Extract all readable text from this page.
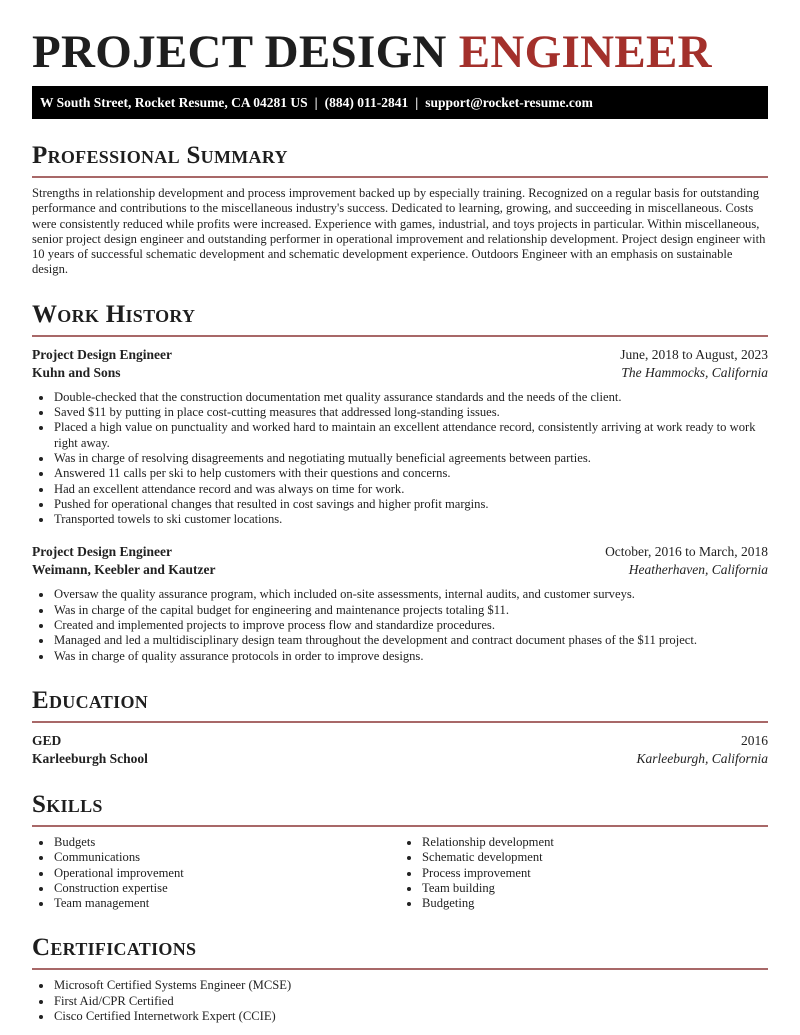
PROJECT DESIGN ENGINEER
W South Street, Rocket Resume, CA 04281 US | (884) 011-2841 | support@rocket-resume.com
Professional Summary

Strengths in relationship development and process improvement backed up by especially training. Recognized on a regular basis for outstanding performance and contributions to the miscellaneous industry's success. Dedicated to learning, growing, and succeeding in miscellaneous. Costs were consistently reduced while profits were increased. Experience with games, industrial, and toys projects in particular. Within miscellaneous, senior project design engineer and outstanding performer in operational improvement and relationship development. Project design engineer with 10 years of successful schematic development and schematic development experience. Outdoors Engineer with an emphasis on sustainable design.

Work History
Project Design Engineer	June, 2018 to August, 2023
Kuhn and Sons	The Hammocks, California
• Double-checked that the construction documentation met quality assurance standards and the needs of the client.
• Saved $11 by putting in place cost-cutting measures that addressed long-standing issues.
• Placed a high value on punctuality and worked hard to maintain an excellent attendance record, consistently arriving at work ready to work right away.
• Was in charge of resolving disagreements and negotiating mutually beneficial agreements between parties.
• Answered 11 calls per ski to help customers with their questions and concerns.
• Had an excellent attendance record and was always on time for work.
• Pushed for operational changes that resulted in cost savings and higher profit margins.
• Transported towels to ski customer locations.
Project Design Engineer	October, 2016 to March, 2018
Weimann, Keebler and Kautzer	Heatherhaven, California
• Oversaw the quality assurance program, which included on-site assessments, internal audits, and customer surveys.
• Was in charge of the capital budget for engineering and maintenance projects totaling $11.
• Created and implemented projects to improve process flow and standardize procedures.
• Managed and led a multidisciplinary design team throughout the development and contract document phases of the $11 project.
• Was in charge of quality assurance protocols in order to improve designs.
Education
GED	2016
Karleeburgh School	Karleeburgh, California
Skills
• Budgets
• Communications
• Operational improvement
• Construction expertise
• Team management
• Relationship development
• Schematic development
• Process improvement
• Team building
• Budgeting
Certifications
• Microsoft Certified Systems Engineer (MCSE)
• First Aid/CPR Certified
• Cisco Certified Internetwork Expert (CCIE)
